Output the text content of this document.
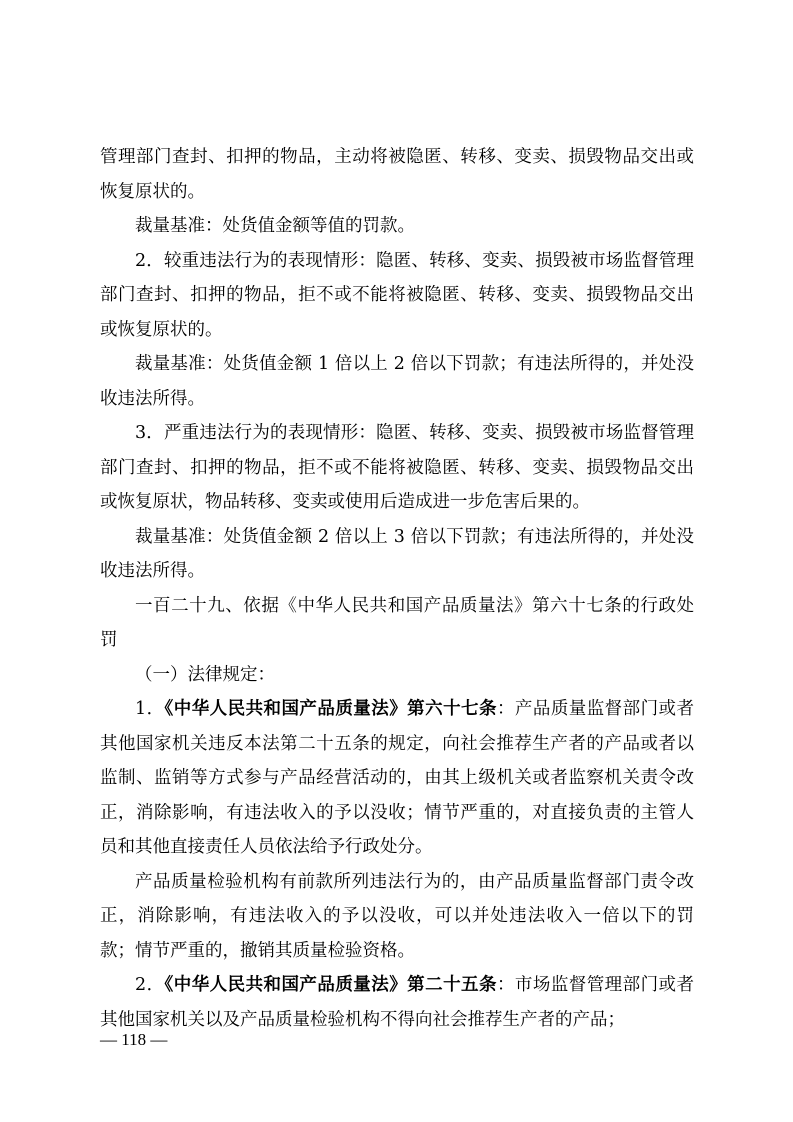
管理部门查封、扣押的物品，主动将被隐匿、转移、变卖、损毁物品交出或恢复原状的。

裁量基准：处货值金额等值的罚款。

2．较重违法行为的表现情形：隐匿、转移、变卖、损毁被市场监督管理部门查封、扣押的物品，拒不或不能将被隐匿、转移、变卖、损毁物品交出或恢复原状的。

裁量基准：处货值金额 1 倍以上 2 倍以下罚款；有违法所得的，并处没收违法所得。

3．严重违法行为的表现情形：隐匿、转移、变卖、损毁被市场监督管理部门查封、扣押的物品，拒不或不能将被隐匿、转移、变卖、损毁物品交出或恢复原状，物品转移、变卖或使用后造成进一步危害后果的。

裁量基准：处货值金额 2 倍以上 3 倍以下罚款；有违法所得的，并处没收违法所得。

一百二十九、依据《中华人民共和国产品质量法》第六十七条的行政处罚

（一）法律规定：

1．《中华人民共和国产品质量法》第六十七条：产品质量监督部门或者其他国家机关违反本法第二十五条的规定，向社会推荐生产者的产品或者以监制、监销等方式参与产品经营活动的，由其上级机关或者监察机关责令改正，消除影响，有违法收入的予以没收；情节严重的，对直接负责的主管人员和其他直接责任人员依法给予行政处分。

产品质量检验机构有前款所列违法行为的，由产品质量监督部门责令改正，消除影响，有违法收入的予以没收，可以并处违法收入一倍以下的罚款；情节严重的，撤销其质量检验资格。

2．《中华人民共和国产品质量法》第二十五条：市场监督管理部门或者其他国家机关以及产品质量检验机构不得向社会推荐生产者的产品；

— 118 —
